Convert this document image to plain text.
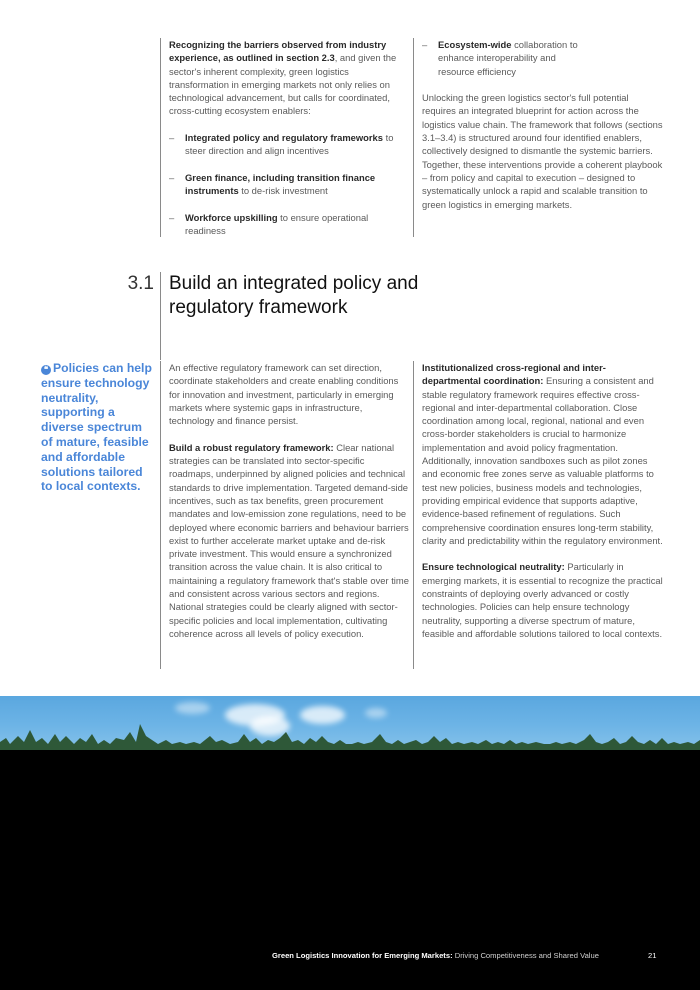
Recognizing the barriers observed from industry experience, as outlined in section 2.3, and given the sector's inherent complexity, green logistics transformation in emerging markets not only relies on technological advancement, but calls for coordinated, cross-cutting ecosystem enablers:

– Integrated policy and regulatory frameworks to steer direction and align incentives
– Green finance, including transition finance instruments to de-risk investment
– Workforce upskilling to ensure operational readiness
– Ecosystem-wide collaboration to enhance interoperability and resource efficiency

Unlocking the green logistics sector's full potential requires an integrated blueprint for action across the logistics value chain. The framework that follows (sections 3.1–3.4) is structured around four identified enablers, collectively designed to dismantle the systemic barriers. Together, these interventions provide a coherent playbook – from policy and capital to execution – designed to systematically unlock a rapid and scalable transition to green logistics in emerging markets.

3.1 Build an integrated policy and regulatory framework
❝ Policies can help ensure technology neutrality, supporting a diverse spectrum of mature, feasible and affordable solutions tailored to local contexts.

An effective regulatory framework can set direction, coordinate stakeholders and create enabling conditions for innovation and investment, particularly in emerging markets where systemic gaps in infrastructure, technology and finance persist.

Build a robust regulatory framework: Clear national strategies can be translated into sector-specific roadmaps, underpinned by aligned policies and technical standards to drive implementation. Targeted demand-side incentives, such as tax benefits, green procurement mandates and low-emission zone regulations, need to be deployed where economic barriers and behaviour barriers exist to further accelerate market uptake and de-risk private investment. This would ensure a synchronized transition across the value chain. It is also critical to maintaining a regulatory framework that's stable over time and consistent across various sectors and regions. National strategies could be clearly aligned with sector-specific policies and local implementation, cultivating coherence across all levels of policy execution.

Institutionalized cross-regional and inter-departmental coordination: Ensuring a consistent and stable regulatory framework requires effective cross-regional and inter-departmental collaboration. Close coordination among local, regional, national and even cross-border stakeholders is crucial to harmonize implementation and avoid policy fragmentation. Additionally, innovation sandboxes such as pilot zones and economic free zones serve as valuable platforms to test new policies, business models and technologies, providing empirical evidence that supports adaptive, evidence-based refinement of regulations. Such comprehensive coordination ensures long-term stability, clarity and predictability within the regulatory environment.

Ensure technological neutrality: Particularly in emerging markets, it is essential to recognize the practical constraints of deploying overly advanced or costly technologies. Policies can help ensure technology neutrality, supporting a diverse spectrum of mature, feasible and affordable solutions tailored to local contexts.

Green Logistics Innovation for Emerging Markets: Driving Competitiveness and Shared Value	21
